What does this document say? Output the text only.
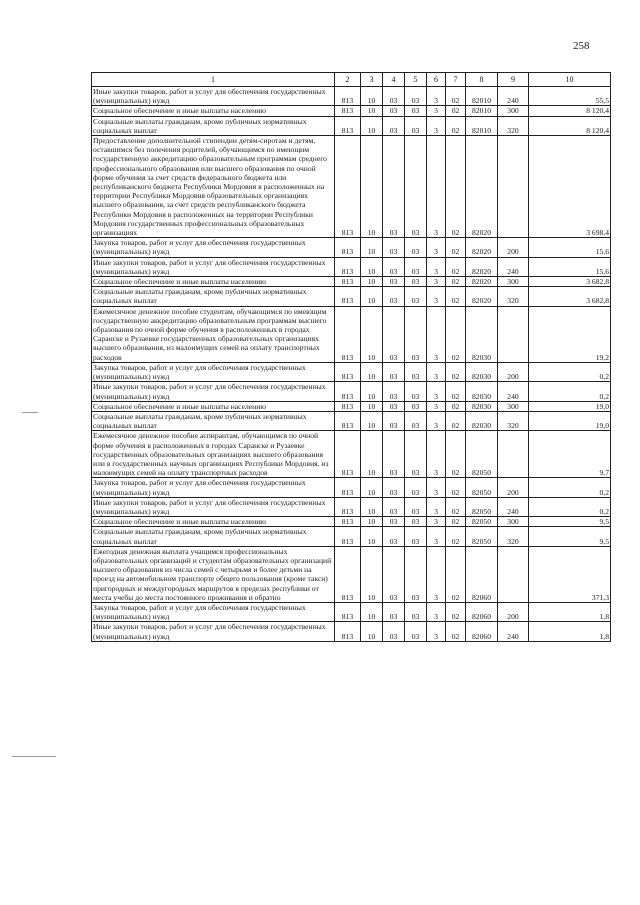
258
1	2	3	4	5	6	7	8	9	10
Иные закупки товаров, работ и услуг для обеспечения государственных (муниципальных) нужд	813	10	03	03	3	02	82010	240	55,5
Социальное обеспечение и иные выплаты населению	813	10	03	03	3	02	82010	300	8 120,4
Социальные выплаты гражданам, кроме публичных нормативных социальных выплат	813	10	03	03	3	02	82010	320	8 120,4
Предоставление дополнительной стипендии детям-сиротам и детям, оставшимся без попечения родителей, обучающимся по имеющим государственную аккредитацию образовательным программам среднего профессионального образования или высшего образования по очной форме обучения за счет средств федерального бюджета или республиканского бюджета Республики Мордовия в расположенных на территории Республики Мордовия образовательных организациях высшего образования, за счет средств республиканского бюджета Республики Мордовия в расположенных на территории Республики Мордовия государственных профессиональных образовательных организациях	813	10	03	03	3	02	82020		3 698,4
Закупка товаров, работ и услуг для обеспечения государственных (муниципальных) нужд	813	10	03	03	3	02	82020	200	15,6
Иные закупки товаров, работ и услуг для обеспечения государственных (муниципальных) нужд	813	10	03	03	3	02	82020	240	15,6
Социальное обеспечение и иные выплаты населению	813	10	03	03	3	02	82020	300	3 682,8
Социальные выплаты гражданам, кроме публичных нормативных социальных выплат	813	10	03	03	3	02	82020	320	3 682,8
Ежемесячное денежное пособие студентам, обучающимся по имеющим государственную аккредитацию образовательным программам высшего образования по очной форме обучения в расположенных в городах Саранске и Рузаевке государственных образовательных организациях высшего образования, из малоимущих семей на оплату транспортных расходов	813	10	03	03	3	02	82030		19,2
Закупка товаров, работ и услуг для обеспечения государственных (муниципальных) нужд	813	10	03	03	3	02	82030	200	0,2
Иные закупки товаров, работ и услуг для обеспечения государственных (муниципальных) нужд	813	10	03	03	3	02	82030	240	0,2
Социальное обеспечение и иные выплаты населению	813	10	03	03	3	02	82030	300	19,0
Социальные выплаты гражданам, кроме публичных нормативных социальных выплат	813	10	03	03	3	02	82030	320	19,0
Ежемесячное денежное пособие аспирантам, обучающимся по очной форме обучения в расположенных в городах Саранске и Рузаевке государственных образовательных организациях высшего образования или в государственных научных организациях Республики Мордовия, из малоимущих семей на оплату транспортных расходов	813	10	03	03	3	02	82050		9,7
Закупка товаров, работ и услуг для обеспечения государственных (муниципальных) нужд	813	10	03	03	3	02	82050	200	0,2
Иные закупки товаров, работ и услуг для обеспечения государственных (муниципальных) нужд	813	10	03	03	3	02	82050	240	0,2
Социальное обеспечение и иные выплаты населению	813	10	03	03	3	02	82050	300	9,5
Социальные выплаты гражданам, кроме публичных нормативных социальных выплат	813	10	03	03	3	02	82050	320	9,5
Ежегодная денежная выплата учащимся профессиональных образовательных организаций и студентам образовательных организаций высшего образования из числа семей с четырьмя и более детьми на проезд на автомобильном транспорте общего пользования (кроме такси) пригородных и междугородных маршрутов в пределах республики от места учебы до места постоянного проживания и обратно	813	10	03	03	3	02	82060		371,3
Закупка товаров, работ и услуг для обеспечения государственных (муниципальных) нужд	813	10	03	03	3	02	82060	200	1,8
Иные закупки товаров, работ и услуг для обеспечения государственных (муниципальных) нужд	813	10	03	03	3	02	82060	240	1,8
